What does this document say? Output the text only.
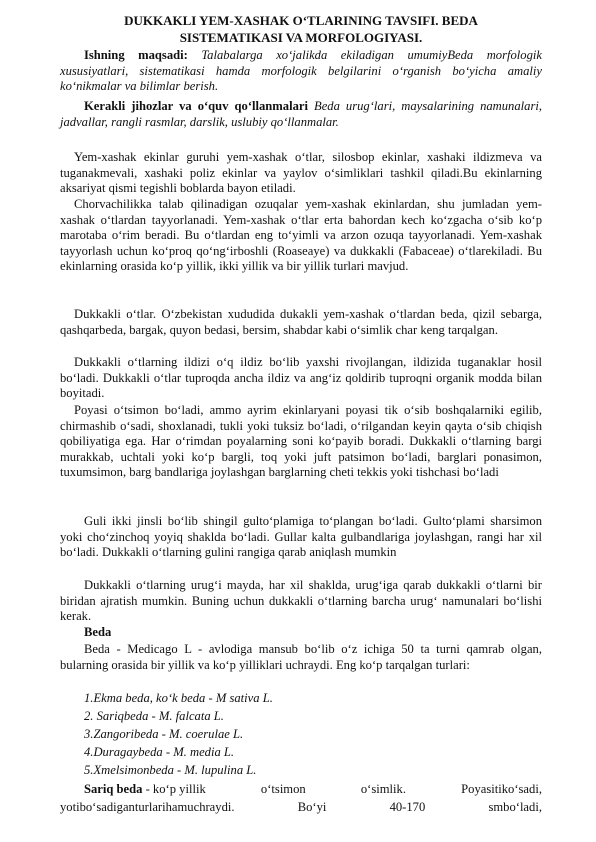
DUKKAKLI YEM-XASHAK O‘TLARINING TAVSIFI. BEDA
SISTEMATIKASI VA MORFOLOGIYASI.

Ishning maqsadi: Talabalarga xo‘jalikda ekiladigan umumiyBeda morfologik xususiyatlari, sistematikasi hamda morfologik belgilarini o‘rganish bo‘yicha amaliy ko‘nikmalar va bilimlar berish.

Kerakli jihozlar va o‘quv qo‘llanmalari Beda urug‘lari, maysalarining namunalari, jadvallar, rangli rasmlar, darslik, uslubiy qo‘llanmalar.

Yem-xashak ekinlar guruhi yem-xashak o‘tlar, silosbop ekinlar, xashaki ildizmeva va tuganakmevali, xashaki poliz ekinlar va yaylov o‘simliklari tashkil qiladi.Bu ekinlarning aksariyat qismi tegishli boblarda bayon etiladi.

Chorvachilikka talab qilinadigan ozuqalar yem-xashak ekinlardan, shu jumladan yem-xashak o‘tlardan tayyorlanadi. Yem-xashak o‘tlar erta bahordan kech ko‘zgacha o‘sib ko‘p marotaba o‘rim beradi. Bu o‘tlardan eng to‘yimli va arzon ozuqa tayyorlanadi. Yem-xashak tayyorlash uchun ko‘proq qo‘ng‘irboshli (Roaseaye) va dukkakli (Fabaceae) o‘tlarekiladi. Bu ekinlarning orasida ko‘p yillik, ikki yillik va bir yillik turlari mavjud.

Dukkakli o‘tlar. O‘zbekistan xududida dukakli yem-xashak o‘tlardan beda, qizil sebarga, qashqarbeda, bargak, quyon bedasi, bersim, shabdar kabi o‘simlik char keng tarqalgan.

Dukkakli o‘tlarning ildizi o‘q ildiz bo‘lib yaxshi rivojlangan, ildizida tuganaklar hosil bo‘ladi. Dukkakli o‘tlar tuproqda ancha ildiz va ang‘iz qoldirib tuproqni organik modda bilan boyitadi.

Poyasi o‘tsimon bo‘ladi, ammo ayrim ekinlaryani poyasi tik o‘sib boshqalarniki egilib, chirmashib o‘sadi, shoxlanadi, tukli yoki tuksiz bo‘ladi, o‘rilgandan keyin qayta o‘sib chiqish qobiliyatiga ega. Har o‘rimdan poyalarning soni ko‘payib boradi. Dukkakli o‘tlarning bargi murakkab, uchtali yoki ko‘p bargli, toq yoki juft patsimon bo‘ladi, barglari ponasimon, tuxumsimon, barg bandlariga joylashgan barglarning cheti tekkis yoki tishchasi bo‘ladi

Guli ikki jinsli bo‘lib shingil gulto‘plamiga to‘plangan bo‘ladi. Gulto‘plami sharsimon yoki cho‘zinchoq yoyiq shaklda bo‘ladi. Gullar kalta gulbandlariga joylashgan, rangi har xil bo‘ladi. Dukkakli o‘tlarning gulini rangiga qarab aniqlash mumkin

Dukkakli o‘tlarning urug‘i mayda, har xil shaklda, urug‘iga qarab dukkakli o‘tlarni bir biridan ajratish mumkin. Buning uchun dukkakli o‘tlarning barcha urug‘ namunalari bo‘lishi kerak.

Beda

Beda - Medicago L - avlodiga mansub bo‘lib o‘z ichiga 50 ta turni qamrab olgan, bularning orasida bir yillik va ko‘p yilliklari uchraydi. Eng ko‘p tarqalgan turlari:

1.Ekma beda, ko‘k beda - M sativa L.
2. Sariqbeda - M. falcata L.
3.Zangoribeda - M. coerulae L.
4.Duragaybeda - M. media L.
5.Xmelsimonbeda - M. lupulina L.
Sariq beda - ko‘p yillik	o‘tsimon	o‘simlik.	Poyasitiko‘sadi,
yotibo‘sadiganturlarihamuchraydi.	Bo‘yi	40-170	smbo‘ladi,
